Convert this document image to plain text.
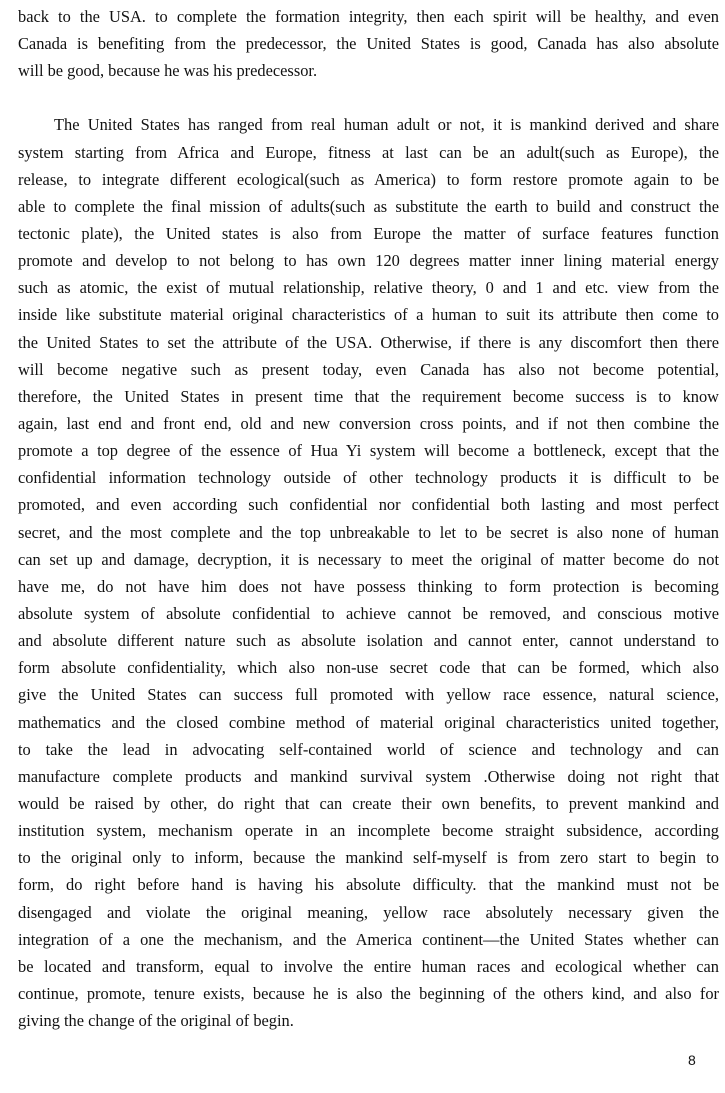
back to the USA. to complete the formation integrity, then each spirit will be healthy, and even
Canada is benefiting from the predecessor, the United States is good, Canada has also absolute
will be good, because he was his predecessor.
The United States has ranged from real human adult or not, it is mankind derived and share
system starting from Africa and Europe, fitness at last can be an adult(such as Europe), the
release, to integrate different ecological(such as America) to form restore promote again to be
able to complete the final mission of adults(such as substitute the earth to build and construct the
tectonic plate), the United states is also from Europe the matter of surface features function
promote and develop to not belong to has own 120 degrees matter inner lining material energy
such as atomic, the exist of mutual relationship, relative theory, 0 and 1 and etc. view from the
inside like substitute material original characteristics of a human to suit its attribute then come to
the United States to set the attribute of the USA. Otherwise, if there is any discomfort then there
will become negative such as present today, even Canada has also not become potential,
therefore, the United States in present time that the requirement become success is to know
again, last end and front end, old and new conversion cross points, and if not then combine the
promote a top degree of the essence of Hua Yi system will become a bottleneck, except that the
confidential information technology outside of other technology products it is difficult to be
promoted, and even according such confidential nor confidential both lasting and most perfect
secret, and the most complete and the top unbreakable to let to be secret is also none of human
can set up and damage, decryption, it is necessary to meet the original of matter become do not
have me, do not have him does not have possess thinking to form protection is becoming
absolute system of absolute confidential to achieve cannot be removed, and conscious motive
and absolute different nature such as absolute isolation and cannot enter, cannot understand to
form absolute confidentiality, which also non-use secret code that can be formed, which also
give the United States can success full promoted with yellow race essence, natural science,
mathematics and the closed combine method of material original characteristics united together,
to take the lead in advocating self-contained world of science and technology and can
manufacture complete products and mankind survival system .Otherwise doing not right that
would be raised by other, do right that can create their own benefits, to prevent mankind and
institution system, mechanism operate in an incomplete become straight subsidence, according
to the original only to inform, because the mankind self-myself is from zero start to begin to
form, do right before hand is having his absolute difficulty. that the mankind must not be
disengaged and violate the original meaning, yellow race absolutely necessary given the
integration of a one the mechanism, and the America continent—the United States whether can
be located and transform, equal to involve the entire human races and ecological whether can
continue, promote, tenure exists, because he is also the beginning of the others kind, and also for
giving the change of the original of begin.
8
